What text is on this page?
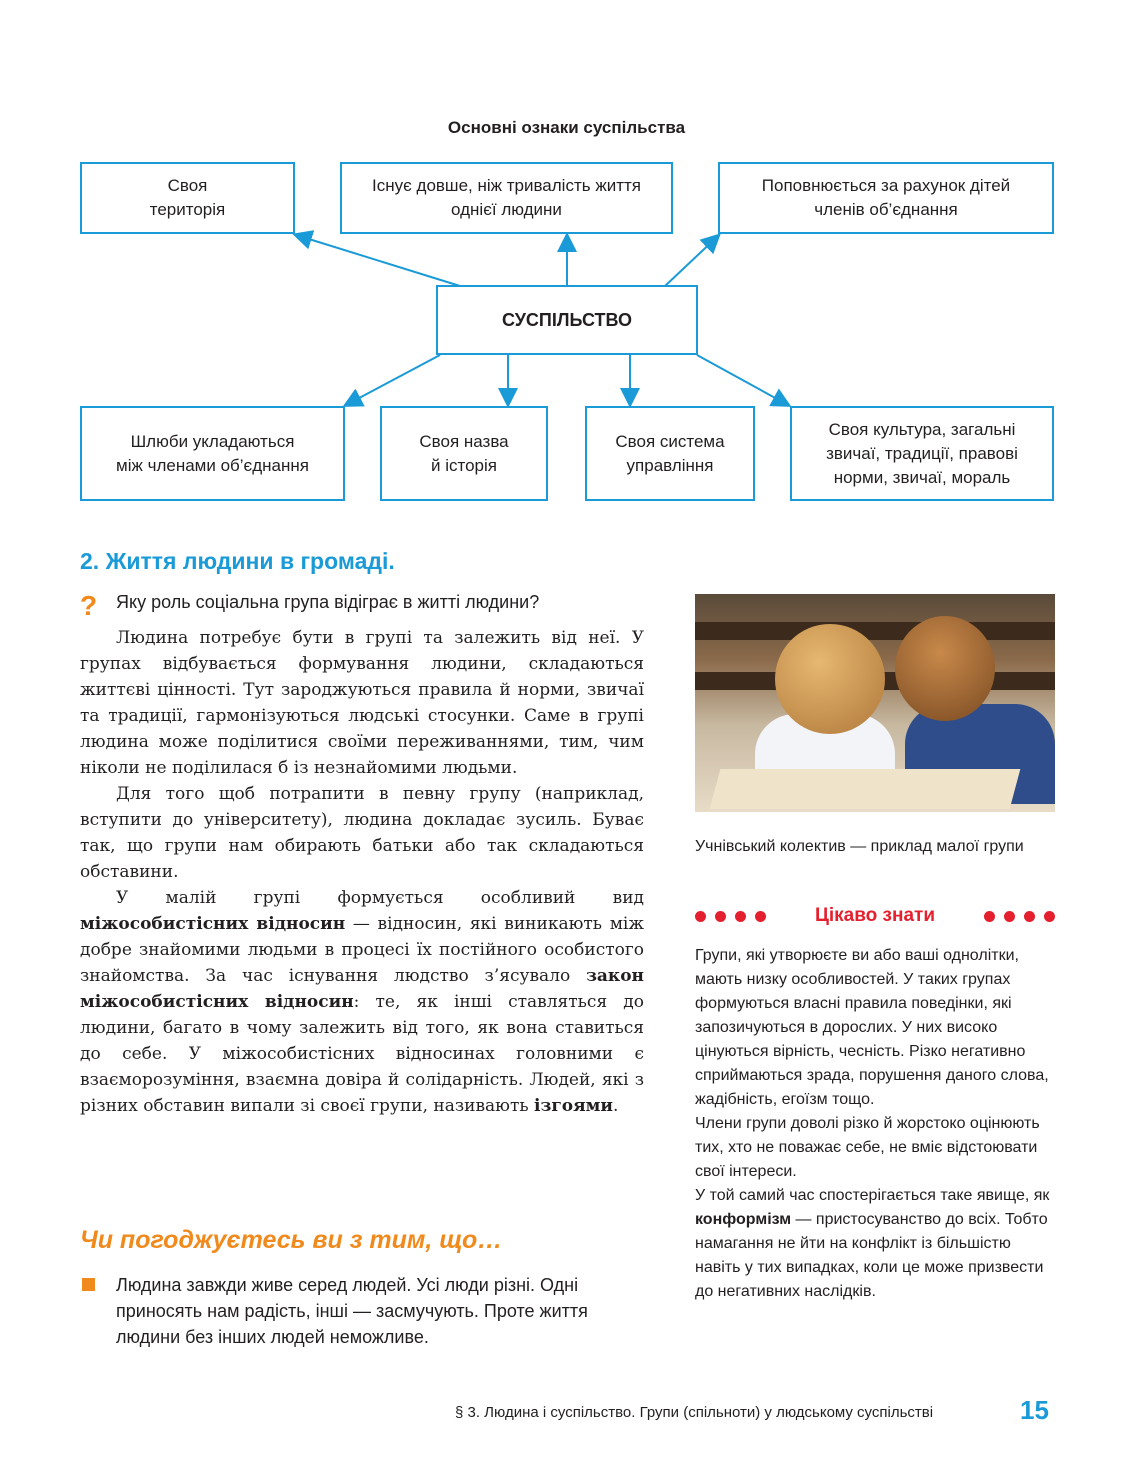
Основні ознаки суспільства
Своя
територія
Існує довше, ніж тривалість життя
однієї людини
Поповнюється за рахунок дітей
членів об’єднання
СУСПІЛЬСТВО
Шлюби укладаються
між членами об’єднання
Своя назва
й історія
Своя система
управління
Своя культура, загальні
звичаї, традиції, правові
норми, звичаї, мораль
2. Життя людини в громаді.
? Яку роль соціальна група відіграє в житті людини?

Людина потребує бути в групі та залежить від неї. У групах відбувається формування людини, складаються життєві цінності. Тут зароджуються правила й норми, звичаї та традиції, гармонізуються людські стосунки. Саме в групі людина може поділитися своїми переживаннями, тим, чим ніколи не поділилася б із незнайомими людьми.

Для того щоб потрапити в певну групу (наприклад, вступити до університету), людина докладає зусиль. Буває так, що групи нам обирають батьки або так складаються обставини.

У малій групі формується особливий вид міжособистісних відносин — відносин, які виникають між добре знайомими людьми в процесі їх постійного особистого знайомства. За час існування людство з’ясувало закон міжособистісних відносин: те, як інші ставляться до людини, багато в чому залежить від того, як вона ставиться до себе. У міжособистісних відносинах головними є взаєморозуміння, взаємна довіра й солідарність. Людей, які з різних обставин випали зі своєї групи, називають ізгоями.

Учнівський колектив — приклад малої групи
Цікаво знати
Групи, які утворюєте ви або ваші однолітки, мають низку особливостей. У таких групах формуються власні правила поведінки, які запозичуються в дорослих. У них високо цінуються вірність, чесність. Різко негативно сприймаються зрада, порушення даного слова, жадібність, егоїзм тощо.
Члени групи доволі різко й жорстоко оцінюють тих, хто не поважає себе, не вміє відстоювати свої інтереси.
У той самий час спостерігається таке явище, як конформізм — пристосуванство до всіх. Тобто намагання не йти на конфлікт із більшістю навіть у тих випадках, коли це може призвести до негативних наслідків.
Чи погоджуєтесь ви з тим, що…
Людина завжди живе серед людей. Усі люди різні. Одні приносять нам радість, інші — засмучують. Проте життя людини без інших людей неможливе.
§ 3. Людина і суспільство. Групи (спільноти) у людському суспільстві	15
